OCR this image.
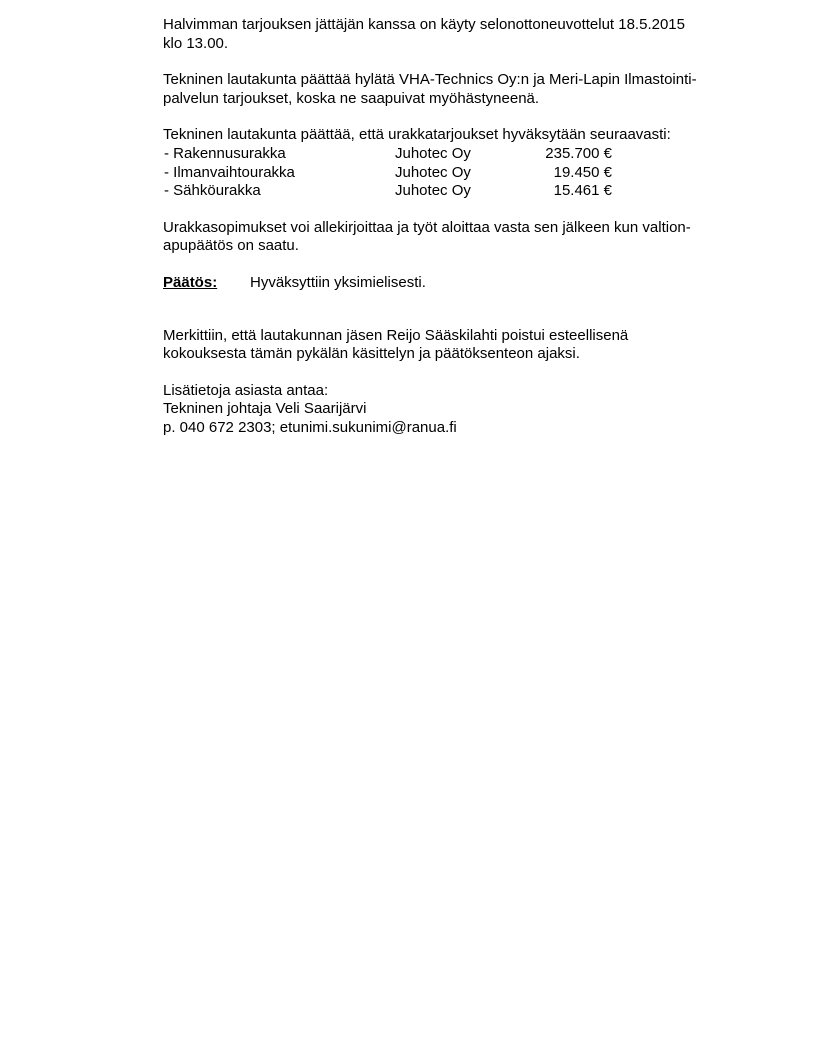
Halvimman tarjouksen jättäjän kanssa on käyty selonottoneuvottelut 18.5.2015
klo 13.00.

Tekninen lautakunta päättää hylätä VHA-Technics Oy:n ja Meri-Lapin Ilmastointi-
palvelun tarjoukset, koska ne saapuivat myöhästyneenä.

Tekninen lautakunta päättää, että urakkatarjoukset hyväksytään seuraavasti:

- Rakennusurakka	Juhotec Oy	235.700 €
- Ilmanvaihtourakka	Juhotec Oy	19.450 €
- Sähköurakka	Juhotec Oy	15.461 €

Urakkasopimukset voi allekirjoittaa ja työt aloittaa vasta sen jälkeen kun valtion-
apupäätös on saatu.

Päätös:	Hyväksyttiin yksimielisesti.

Merkittiin, että lautakunnan jäsen Reijo Sääskilahti poistui esteellisenä
kokouksesta tämän pykälän käsittelyn ja päätöksenteon ajaksi.

Lisätietoja asiasta antaa:
Tekninen johtaja Veli Saarijärvi
p. 040 672 2303; etunimi.sukunimi@ranua.fi
